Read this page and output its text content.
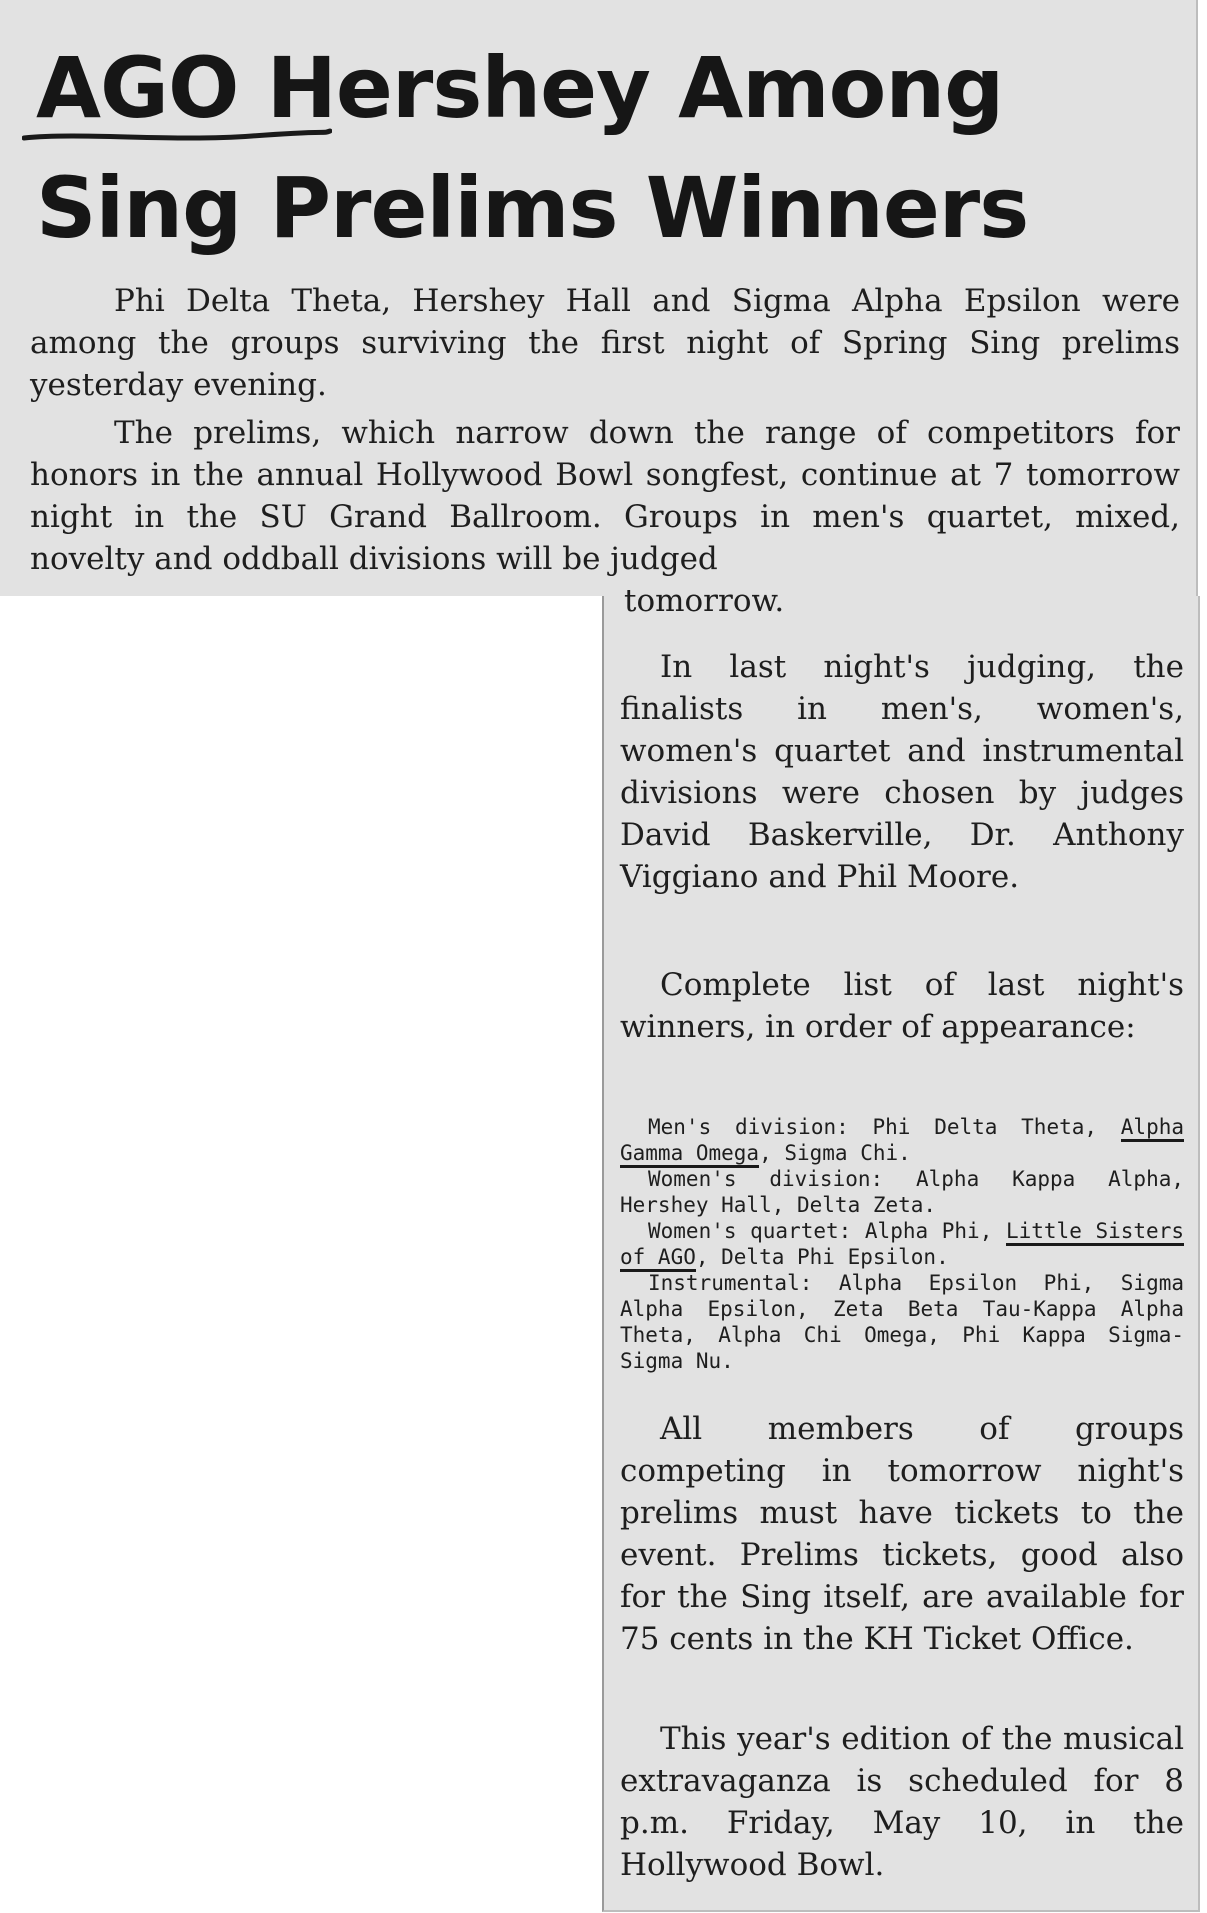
AGO Hershey Among
Sing Prelims Winners

Phi Delta Theta, Hershey Hall and Sigma Alpha Epsilon were among the groups surviving the first night of Spring Sing prelims yesterday evening.

The prelims, which narrow down the range of competitors for honors in the annual Hollywood Bowl songfest, continue at 7 tomorrow night in the SU Grand Ballroom. Groups in men's quartet, mixed, novelty and oddball divisions will be judged

tomorrow.

In last night's judging, the finalists in men's, women's, women's quartet and instrumental divisions were chosen by judges David Baskerville, Dr. Anthony Viggiano and Phil Moore.

Complete list of last night's winners, in order of appearance:

Men's division: Phi Delta Theta, Alpha Gamma Omega, Sigma Chi.
Women's division: Alpha Kappa Alpha, Hershey Hall, Delta Zeta.
Women's quartet: Alpha Phi, Little Sisters of AGO, Delta Phi Epsilon.
Instrumental: Alpha Epsilon Phi, Sigma Alpha Epsilon, Zeta Beta Tau-Kappa Alpha Theta, Alpha Chi Omega, Phi Kappa Sigma-Sigma Nu.

All members of groups competing in tomorrow night's prelims must have tickets to the event. Prelims tickets, good also for the Sing itself, are available for 75 cents in the KH Ticket Office.

This year's edition of the musical extravaganza is scheduled for 8 p.m. Friday, May 10, in the Hollywood Bowl.
